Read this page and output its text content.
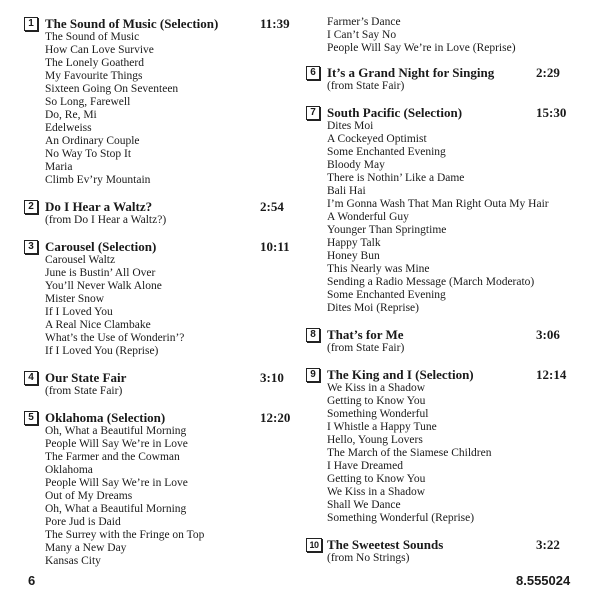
1 The Sound of Music (Selection)	11:39
The Sound of Music
How Can Love Survive
The Lonely Goatherd
My Favourite Things
Sixteen Going On Seventeen
So Long, Farewell
Do, Re, Mi
Edelweiss
An Ordinary Couple
No Way To Stop It
Maria
Climb Ev’ry Mountain
2 Do I Hear a Waltz?	2:54
(from Do I Hear a Waltz?)
3 Carousel (Selection)	10:11
Carousel Waltz
June is Bustin’ All Over
You’ll Never Walk Alone
Mister Snow
If I Loved You
A Real Nice Clambake
What’s the Use of Wonderin’?
If I Loved You (Reprise)
4 Our State Fair	3:10
(from State Fair)
5 Oklahoma (Selection)	12:20
Oh, What a Beautiful Morning
People Will Say We’re in Love
The Farmer and the Cowman
Oklahoma
People Will Say We’re in Love
Out of My Dreams
Oh, What a Beautiful Morning
Pore Jud is Daid
The Surrey with the Fringe on Top
Many a New Day
Kansas City
Farmer’s Dance
I Can’t Say No
People Will Say We’re in Love (Reprise)
6 It’s a Grand Night for Singing	2:29
(from State Fair)
7 South Pacific (Selection)	15:30
Dites Moi
A Cockeyed Optimist
Some Enchanted Evening
Bloody May
There is Nothin’ Like a Dame
Bali Hai
I’m Gonna Wash That Man Right Outa My Hair
A Wonderful Guy
Younger Than Springtime
Happy Talk
Honey Bun
This Nearly was Mine
Sending a Radio Message (March Moderato)
Some Enchanted Evening
Dites Moi (Reprise)
8 That’s for Me	3:06
(from State Fair)
9 The King and I (Selection)	12:14
We Kiss in a Shadow
Getting to Know You
Something Wonderful
I Whistle a Happy Tune
Hello, Young Lovers
The March of the Siamese Children
I Have Dreamed
Getting to Know You
We Kiss in a Shadow
Shall We Dance
Something Wonderful (Reprise)
10 The Sweetest Sounds	3:22
(from No Strings)
6	8.555024
